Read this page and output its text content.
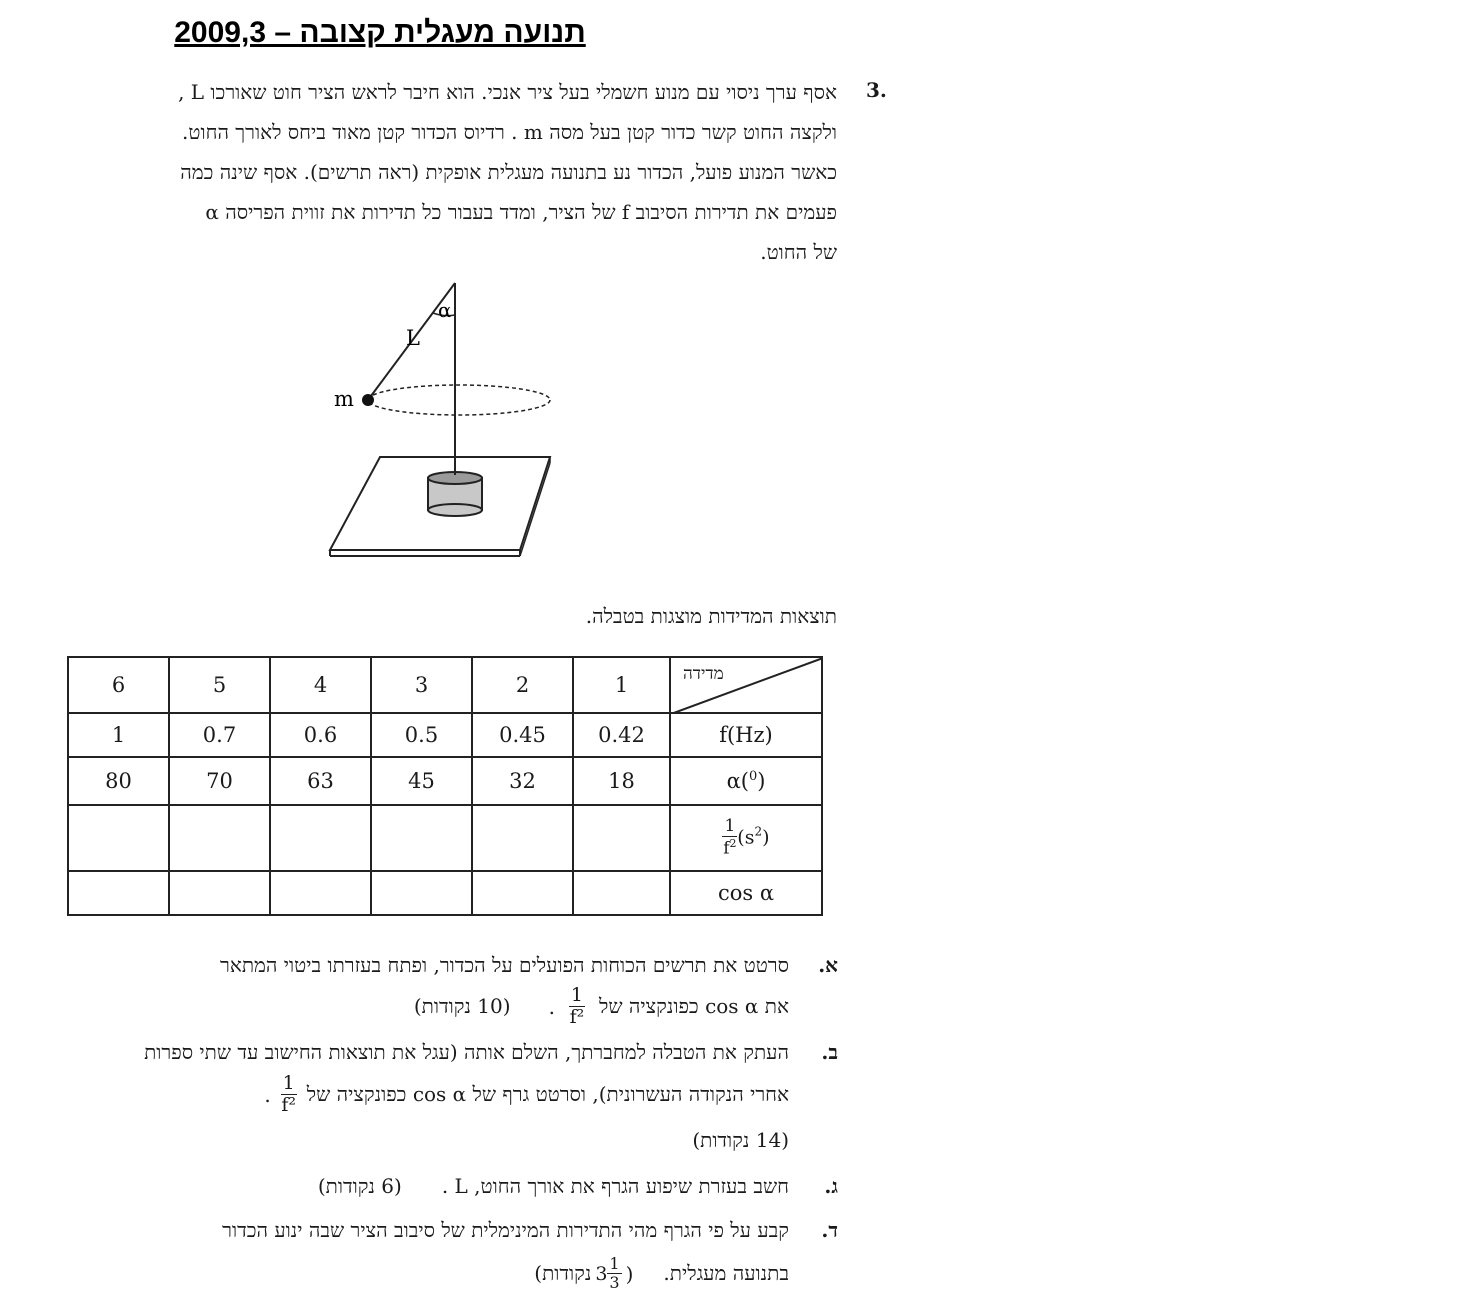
תנועה מעגלית קצובה – 2009,3
3.
אסף ערך ניסוי עם מנוע חשמלי בעל ציר אנכי. הוא חיבר לראש הציר חוט שאורכו L ,
ולקצה החוט קשר כדור קטן בעל מסה m . רדיוס הכדור קטן מאוד ביחס לאורך החוט.
כאשר המנוע פועל, הכדור נע בתנועה מעגלית אופקית (ראה תרשים). אסף שינה כמה
פעמים את תדירות הסיבוב f של הציר, ומדד בעבור כל תדירות את זווית הפריסה α
של החוט.
α
L
m
תוצאות המדידות מוצגות בטבלה.
6	5	4	3	2	1	מדידה

1	0.7	0.6	0.5	0.45	0.42	f(Hz)
80	70	63	45	32	18	α($^0$)

						$\frac{1}{f^2} (s^2)$
						cos α
א.
סרטט את תרשים הכוחות הפועלים על הכדור, ופתח בעזרתו ביטוי המתאר
את cos α כפונקציה של
$\frac{1}{\text{f²}}$
.
(10 נקודות)
ב.
העתק את הטבלה למחברתך, השלם אותה (עגל את תוצאות החישוב עד שתי ספרות
אחרי הנקודה העשרונית), וסרטט גרף של cos α כפונקציה של
$\frac{1}{\text{f²}}$
.
(14 נקודות)
ג.
חשב בעזרת שיפוע הגרף את אורך החוט, L .
(6 נקודות)
ד.
קבע על פי הגרף מהי התדירות המינימלית של סיבוב הציר שבה ינוע הכדור
בתנועה מעגלית.
(
$3 \frac{1}{3}$
נקודות)
